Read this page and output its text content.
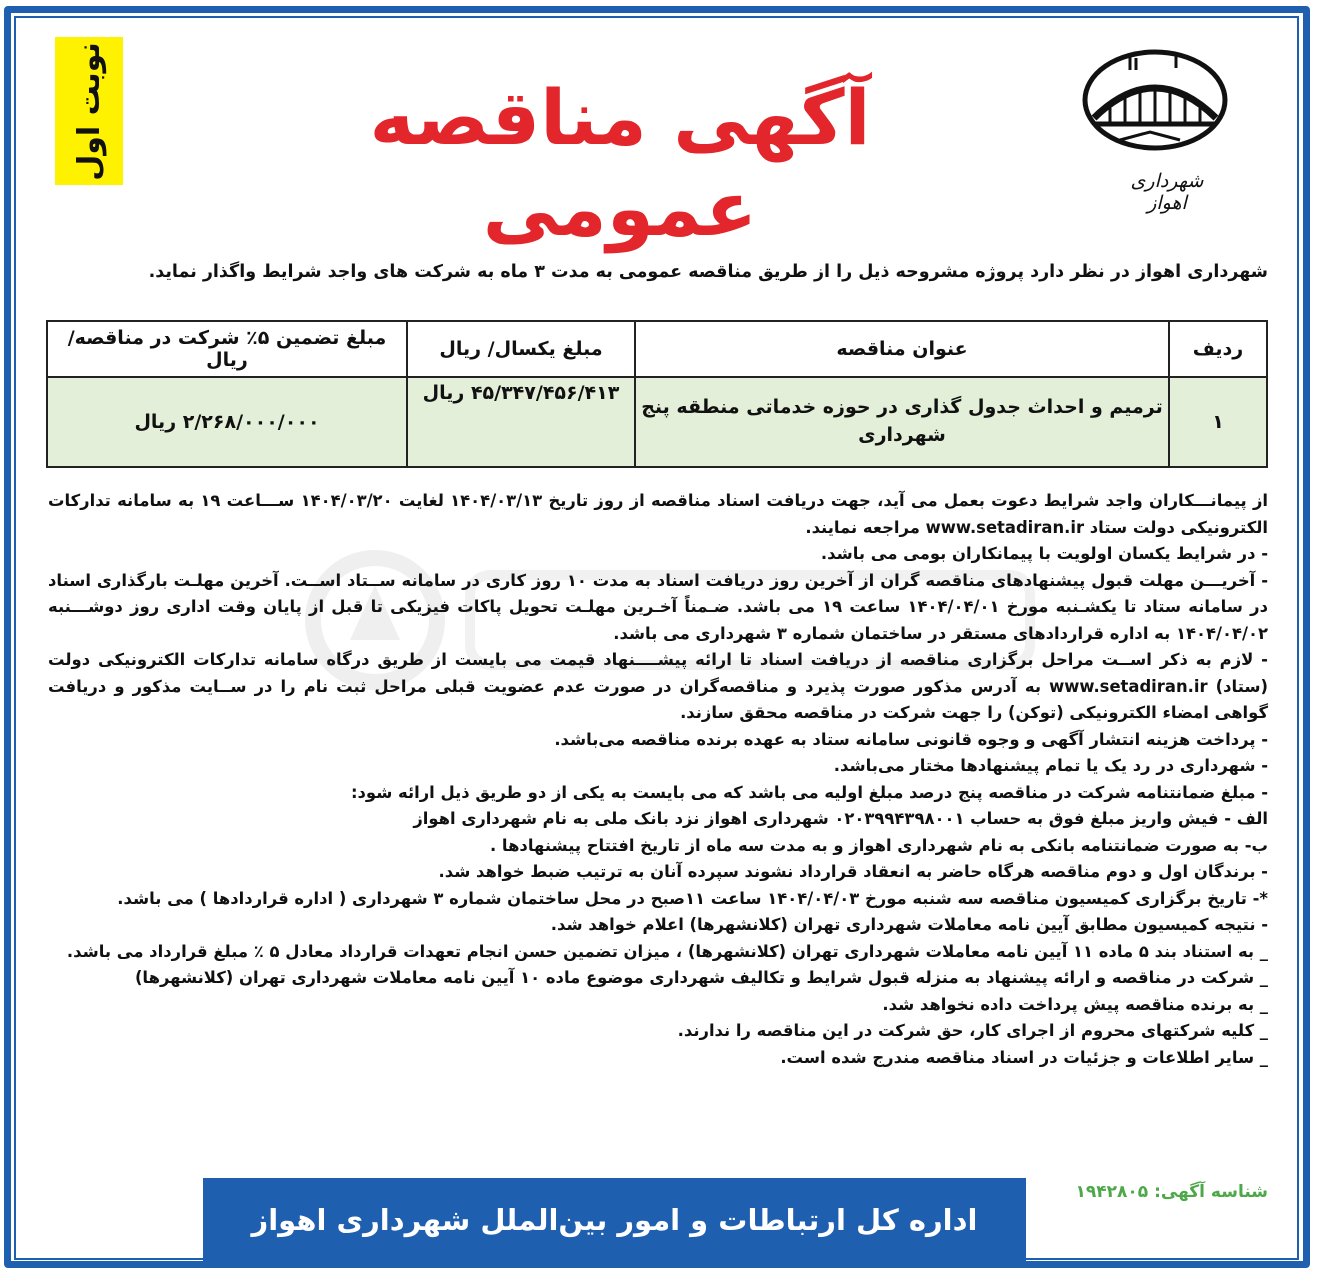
نوبت اول	آگهی مناقصه عمومی	شهرداری اهواز
شهرداری اهواز در نظر دارد پروژه مشروحه ذیل را از طریق مناقصه عمومی به مدت ۳ ماه به شرکت های واجد شرایط واگذار نماید.
ردیف	عنوان مناقصه	مبلغ یکسال/ ریال	مبلغ تضمین ۵٪ شرکت در مناقصه/ ریال
۱	ترمیم و احداث جدول گذاری در حوزه خدماتی منطقه پنج شهرداری	۴۵/۳۴۷/۴۵۶/۴۱۳ ریال	۲/۲۶۸/۰۰۰/۰۰۰ ریال

از پیمانـــکاران واجد شرایط دعوت بعمل می آید، جهت دریافت اسناد مناقصه از روز تاریخ ۱۴۰۴/۰۳/۱۳ لغایت ۱۴۰۴/۰۳/۲۰ ســـاعت ۱۹ به سامانه تدارکات الکترونیکی دولت ستاد www.setadiran.ir مراجعه نمایند.

- در شرایط یکسان اولویت با پیمانکاران بومی می باشد.

- آخریـــن مهلت قبول پیشنهادهای مناقصه گران از آخرین روز دریافت اسناد به مدت ۱۰ روز کاری در سامانه ســتاد اســت. آخرین مهلـت بارگذاری اسناد در سامانه ستاد تا یکشـنبه مورخ ۱۴۰۴/۰۴/۰۱ ساعت ۱۹ می باشد. ضـمناً آخـرین مهلـت تحویل پاکات فیزیکی تا قبل از پایان وقت اداری روز دوشـــنبه ۱۴۰۴/۰۴/۰۲ به اداره قراردادهای مستقر در ساختمان شماره ۳ شهرداری می باشد.

- لازم به ذکر اســت مراحل برگزاری مناقصه از دریافت اسناد تا ارائه پیشــــنهاد قیمت می بایست از طریق درگاه سامانه تدارکات الکترونیکی دولت (ستاد) www.setadiran.ir به آدرس مذکور صورت پذیرد و مناقصه‌گران در صورت عدم عضویت قبلی مراحل ثبت نام را در ســایت مذکور و دریافت گواهی امضاء الکترونیکی (توکن) را جهت شرکت در مناقصه محقق سازند.

- پرداخت هزینه انتشار آگهی و وجوه قانونی سامانه ستاد به عهده برنده مناقصه می‌باشد.

- شهرداری در رد یک یا تمام پیشنهادها مختار می‌باشد.

- مبلغ ضمانتنامه شرکت در مناقصه پنج درصد مبلغ اولیه می باشد که می بایست به یکی از دو طریق ذیل ارائه شود:

الف - فیش واریز مبلغ فوق به حساب ۰۲۰۳۹۹۴۳۹۸۰۰۱ شهرداری اهواز نزد بانک ملی به نام شهرداری اهواز

ب- به صورت ضمانتنامه بانکی به نام شهرداری اهواز و به مدت سه ماه از تاریخ افتتاح پیشنهادها .

- برندگان اول و دوم مناقصه هرگاه حاضر به انعقاد قرارداد نشوند سپرده آنان به ترتیب ضبط خواهد شد.

*- تاریخ برگزاری کمیسیون مناقصه سه شنبه مورخ ۱۴۰۴/۰۴/۰۳ ساعت ۱۱صبح در محل ساختمان شماره ۳ شهرداری ( اداره قراردادها ) می باشد.

- نتیجه کمیسیون مطابق آیین نامه معاملات شهرداری تهران (کلانشهرها) اعلام خواهد شد.

_ به استناد بند ۵ ماده ۱۱ آیین نامه معاملات شهرداری تهران (کلانشهرها) ، میزان تضمین حسن انجام تعهدات قرارداد معادل ۵ ٪ مبلغ قرارداد می باشد.

_ شرکت در مناقصه و ارائه پیشنهاد به منزله قبول شرایط و تکالیف شهرداری موضوع ماده ۱۰ آیین نامه معاملات شهرداری تهران (کلانشهرها)

_ به برنده مناقصه پیش پرداخت داده نخواهد شد.

_ کلیه شرکتهای محروم از اجرای کار، حق شرکت در این مناقصه را ندارند.

_ سایر اطلاعات و جزئیات در اسناد مناقصه مندرج شده است.

اداره کل ارتباطات و امور بین‌الملل شهرداری اهواز
شناسه آگهی: ۱۹۴۲۸۰۵
